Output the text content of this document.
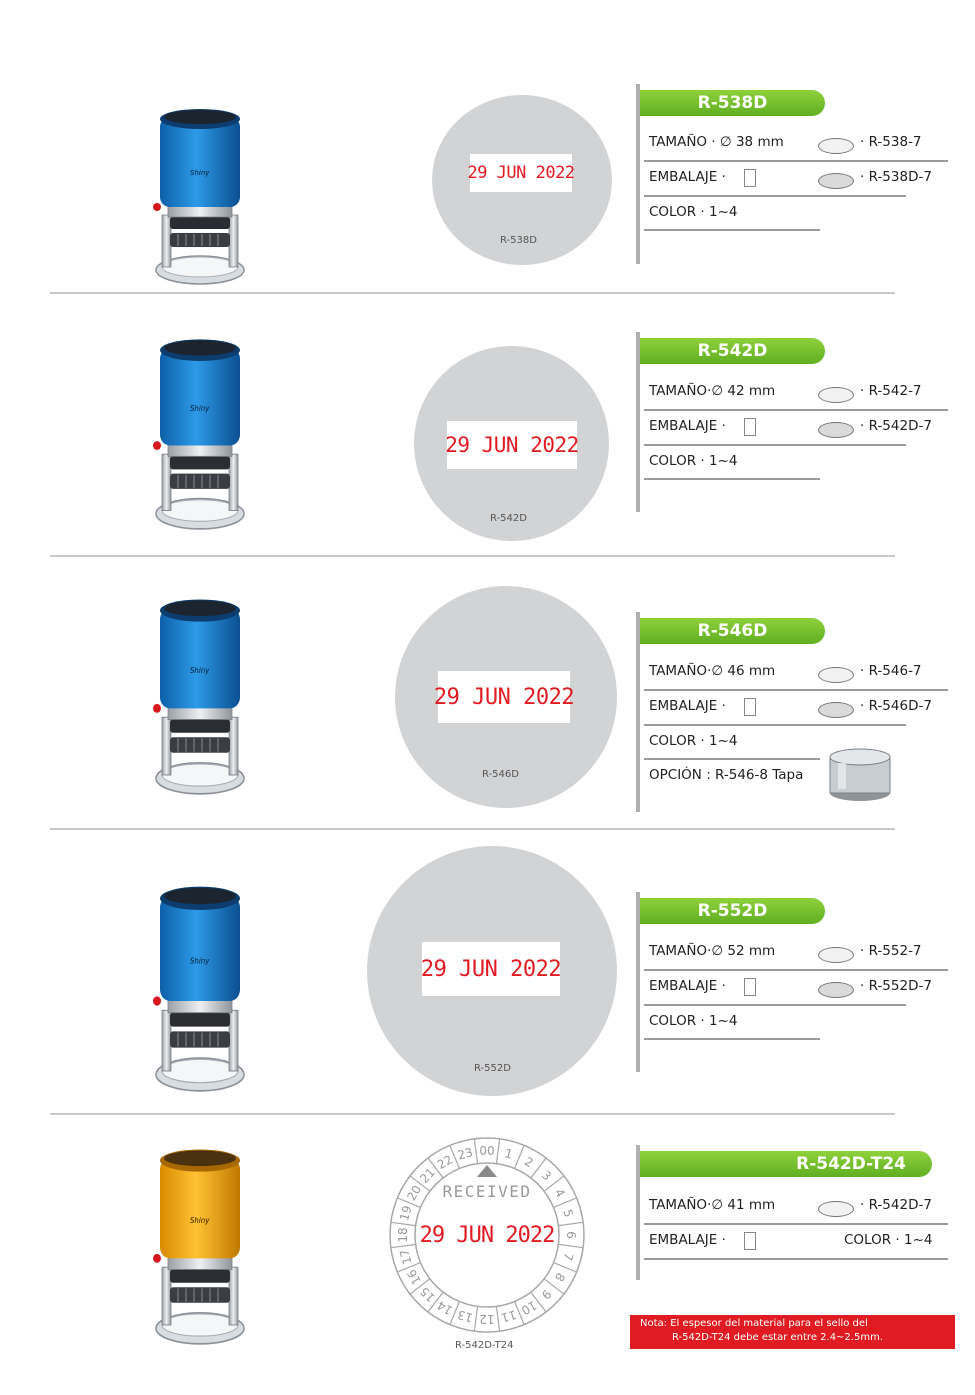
Shiny	29 JUN 2022
R-538D
R-538D
TAMAÑO · ∅ 38 mm	· R-538-7
EMBALAJE ·	· R-538D-7
COLOR · 1~4
Shiny
29 JUN 2022
R-542D
R-542D
TAMAÑO·∅ 42 mm	· R-542-7
EMBALAJE ·	· R-542D-7
COLOR · 1~4
Shiny
29 JUN 2022
R-546D
R-546D
TAMAÑO·∅ 46 mm	· R-546-7
EMBALAJE ·	· R-546D-7
COLOR · 1~4
OPCIÓN : R-546-8 Tapa
Shiny	29 JUN 2022
R-552D
R-552D
TAMAÑO·∅ 52 mm	· R-552-7
EMBALAJE ·	· R-552D-7
COLOR · 1~4
Shiny
00 1
2
3
4
5
6
7
8
9
10
11
12
13
14
15
16
17
18
19
20
21
22 23
RECEIVED
29 JUN 2022
R-542D-T24
R-542D-T24
TAMAÑO·∅ 41 mm	· R-542D-7
EMBALAJE ·	COLOR · 1~4
Nota: El espesor del material para el sello del
R-542D-T24 debe estar entre 2.4~2.5mm.
